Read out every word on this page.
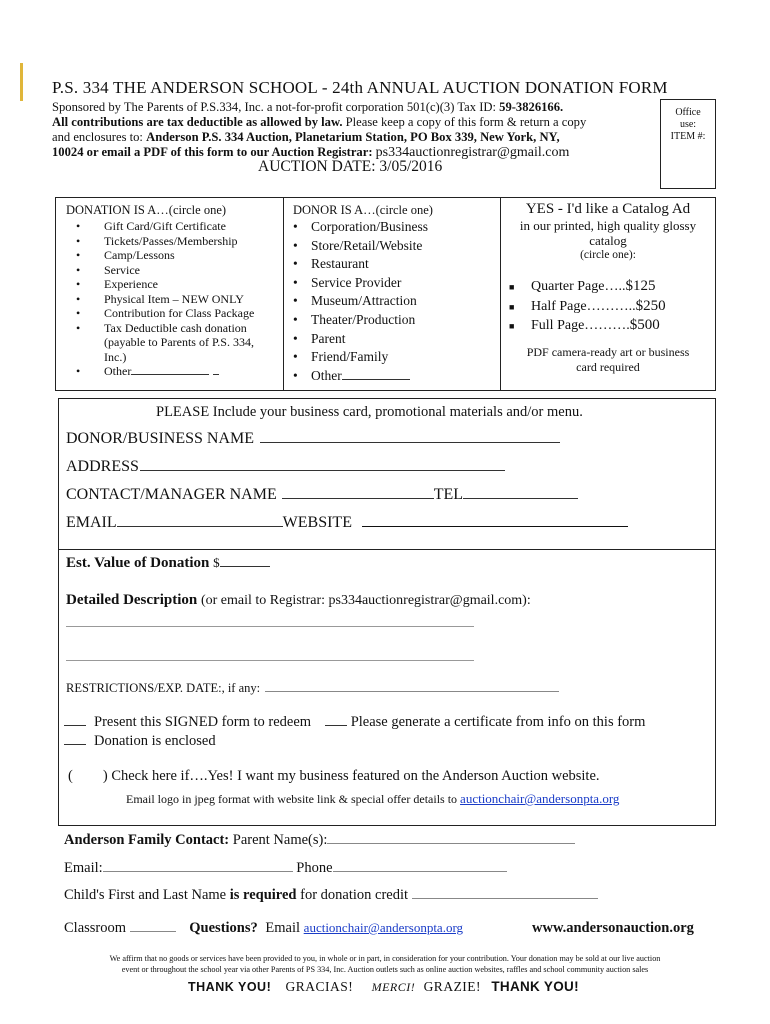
P.S. 334 THE ANDERSON SCHOOL - 24th ANNUAL AUCTION DONATION FORM
Sponsored by The Parents of P.S.334, Inc. a not-for-profit corporation 501(c)(3) Tax ID: 59-3826166.
All contributions are tax deductible as allowed by law. Please keep a copy of this form & return a copy
and enclosures to: Anderson P.S. 334 Auction, Planetarium Station, PO Box 339, New York, NY,
10024 or email a PDF of this form to our Auction Registrar: ps334auctionregistrar@gmail.com
AUCTION DATE: 3/05/2016
Office
use:
ITEM #:
DONATION IS A…(circle one)
•	Gift Card/Gift Certificate
•	Tickets/Passes/Membership
•	Camp/Lessons
•	Service
•	Experience
•	Physical Item – NEW ONLY
•	Contribution for Class Package
•	Tax Deductible cash donation (payable to Parents of P.S. 334, Inc.)
•	Other
DONOR IS A…(circle one)
• Corporation/Business
• Store/Retail/Website
• Restaurant
• Service Provider
• Museum/Attraction
• Theater/Production
• Parent
• Friend/Family
• Other
YES - I'd like a Catalog Ad
in our printed, high quality glossy
catalog
(circle one):
■ Quarter Page…..$125
■ Half Page………..$250
■ Full Page……….$500
PDF camera-ready art or business
card required
PLEASE Include your business card, promotional materials and/or menu.
DONOR/BUSINESS NAME
ADDRESS
CONTACT/MANAGER NAME	TEL
EMAIL	WEBSITE
Est. Value of Donation $
Detailed Description (or email to Registrar: ps334auctionregistrar@gmail.com):
RESTRICTIONS/EXP. DATE:, if any:
Present this SIGNED form to redeem	Please generate a certificate from info on this form
Donation is enclosed
( ) Check here if….Yes! I want my business featured on the Anderson Auction website.
Email logo in jpeg format with website link & special offer details to auctionchair@andersonpta.org
Anderson Family Contact: Parent Name(s):
Email:	Phone
Child's First and Last Name is required for donation credit
Classroom	Questions? Email auctionchair@andersonpta.org	www.andersonauction.org
We affirm that no goods or services have been provided to you, in whole or in part, in consideration for your contribution. Your donation may be sold at our live auction
event or throughout the school year via other Parents of PS 334, Inc. Auction outlets such as online auction websites, raffles and school community auction sales
THANK YOU! GRACIAS! MERCI! GRAZIE! THANK YOU!
